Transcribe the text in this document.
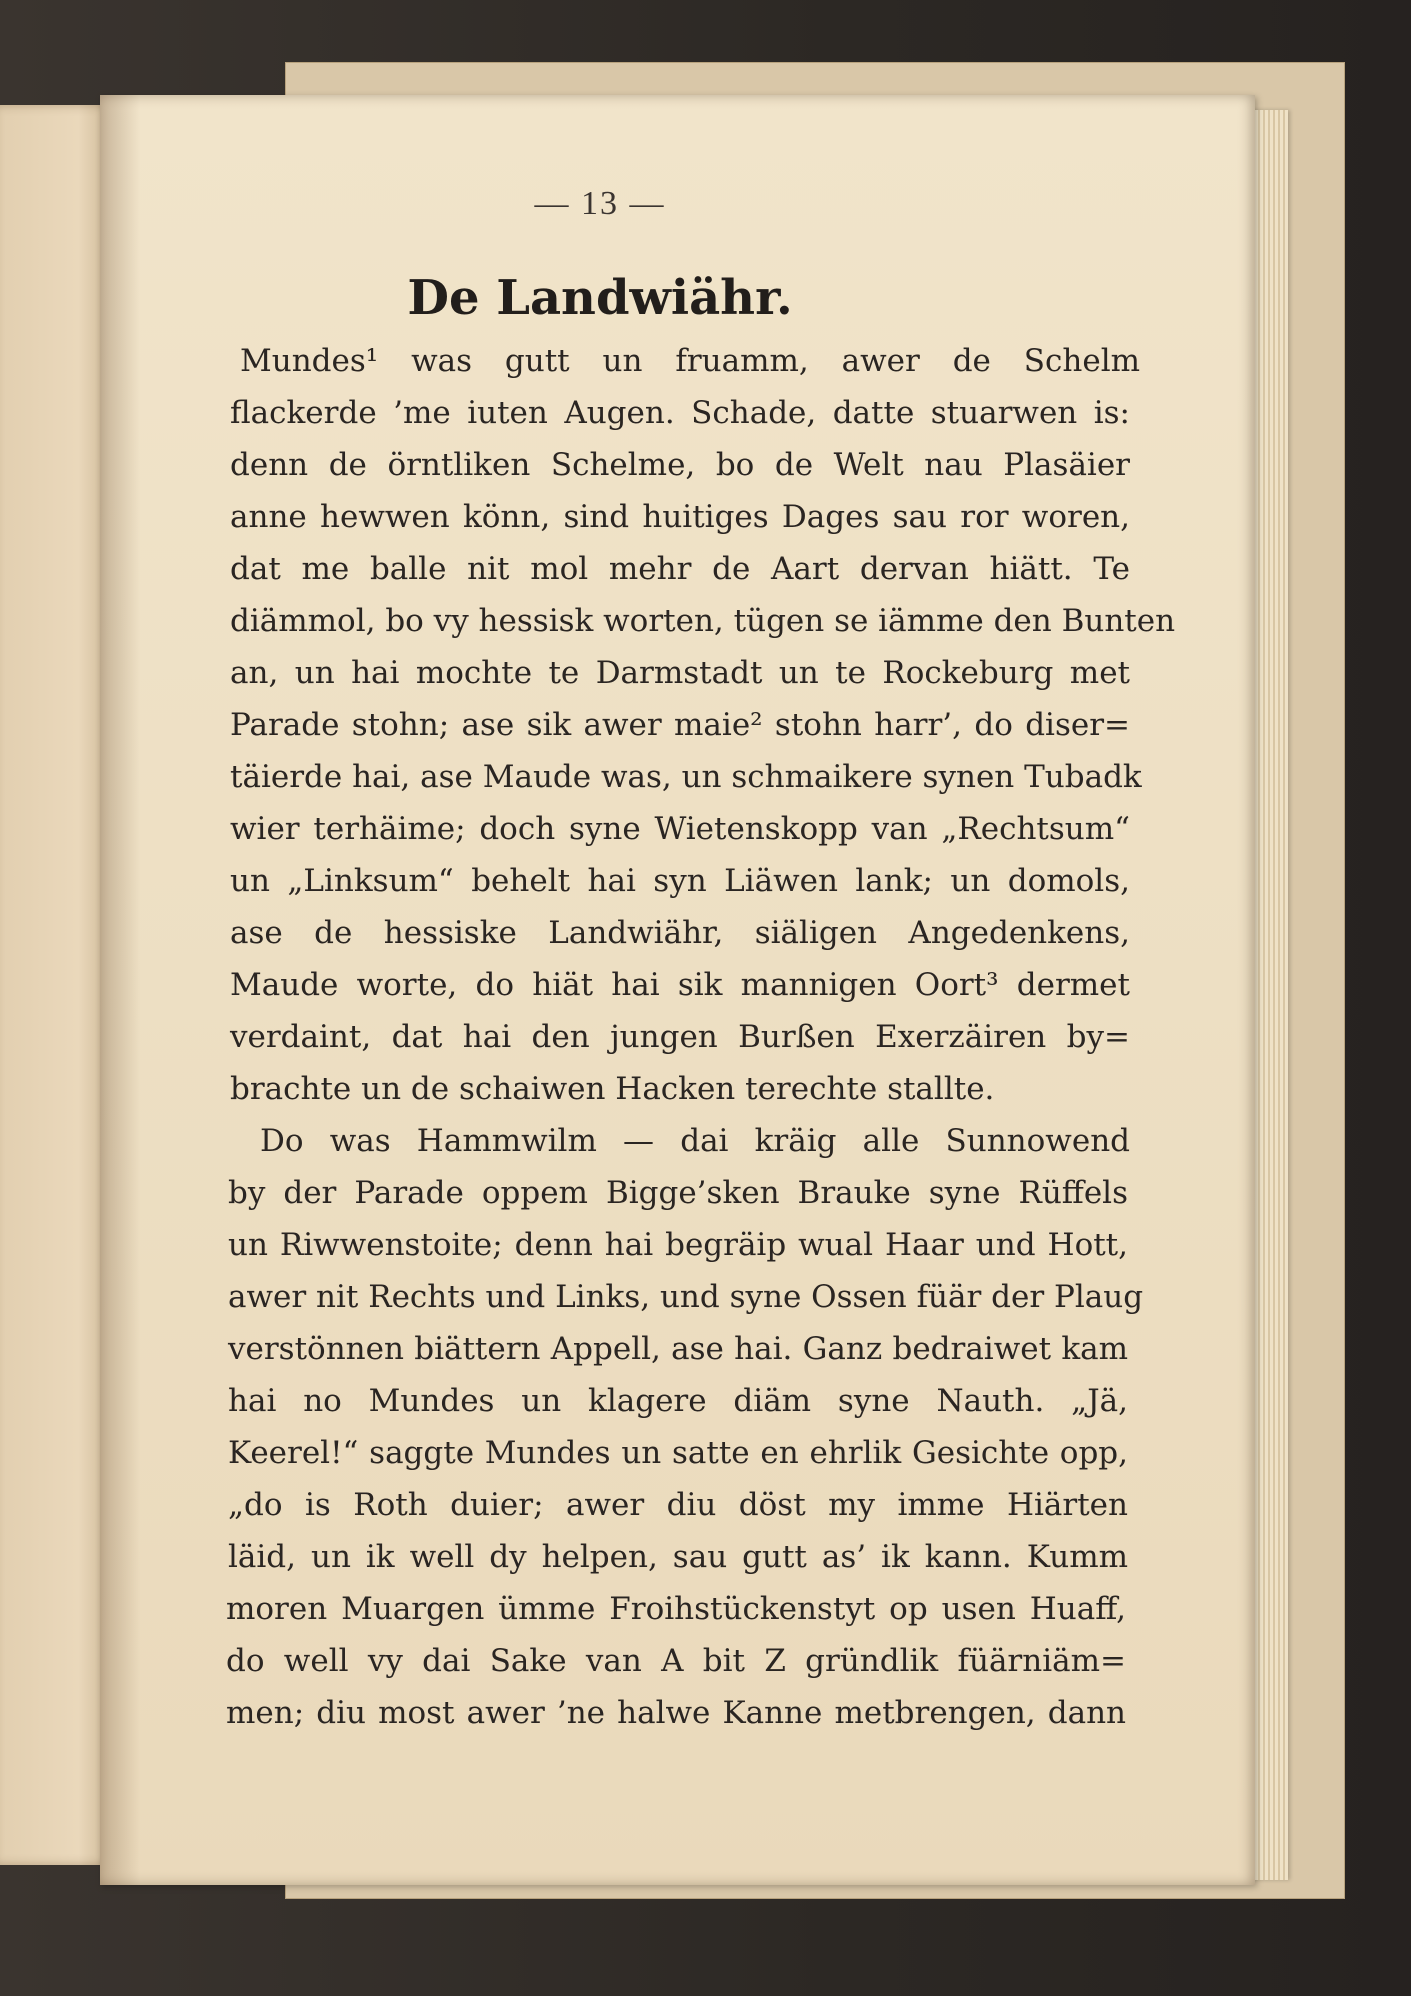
— 13 —
De Landwiähr.
Mundes¹ was gutt un fruamm, awer de Schelm
flackerde ’me iuten Augen. Schade, datte stuarwen is:
denn de örntliken Schelme, bo de Welt nau Plasäier
anne hewwen könn, sind huitiges Dages sau ror woren,
dat me balle nit mol mehr de Aart dervan hiätt. Te
diämmol, bo vy hessisk worten, tügen se iämme den Bunten
an, un hai mochte te Darmstadt un te Rockeburg met
Parade stohn; ase sik awer maie² stohn harr’, do diser=
täierde hai, ase Maude was, un schmaikere synen Tubadk
wier terhäime; doch syne Wietenskopp van „Rechtsum“
un „Linksum“ behelt hai syn Liäwen lank; un domols,
ase de hessiske Landwiähr, siäligen Angedenkens,
Maude worte, do hiät hai sik mannigen Oort³ dermet
verdaint, dat hai den jungen Burßen Exerzäiren by=
brachte un de schaiwen Hacken terechte stallte.
Do was Hammwilm — dai kräig alle Sunnowend
by der Parade oppem Bigge’sken Brauke syne Rüffels
un Riwwenstoite; denn hai begräip wual Haar und Hott,
awer nit Rechts und Links, und syne Ossen füär der Plaug
verstönnen biättern Appell, ase hai. Ganz bedraiwet kam
hai no Mundes un klagere diäm syne Nauth. „Jä,
Keerel!“ saggte Mundes un satte en ehrlik Gesichte opp,
„do is Roth duier; awer diu döst my imme Hiärten
läid, un ik well dy helpen, sau gutt as’ ik kann. Kumm
moren Muargen ümme Froihstückenstyt op usen Huaff,
do well vy dai Sake van A bit Z gründlik füärniäm=
men; diu most awer ’ne halwe Kanne metbrengen, dann
